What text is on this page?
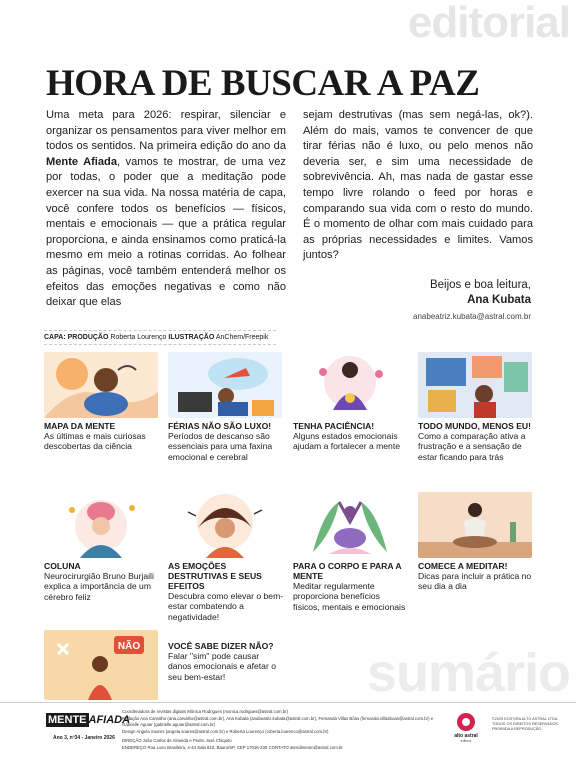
editorial
HORA DE BUSCAR A PAZ
Uma meta para 2026: respirar, silenciar e organizar os pensamentos para viver melhor em todos os sentidos. Na primeira edição do ano da Mente Afiada, vamos te mostrar, de uma vez por todas, o poder que a meditação pode exercer na sua vida. Na nossa matéria de capa, você confere todos os benefícios — físicos, mentais e emocionais — que a prática regular proporciona, e ainda ensinamos como praticá-la mesmo em meio a rotinas corridas. Ao folhear as páginas, você também entenderá melhor os efeitos das emoções negativas e como não deixar que elas
sejam destrutivas (mas sem negá-las, ok?). Além do mais, vamos te convencer de que tirar férias não é luxo, ou pelo menos não deveria ser, e sim uma necessidade de sobrevivência. Ah, mas nada de gastar esse tempo livre rolando o feed por horas e comparando sua vida com o resto do mundo. É o momento de olhar com mais cuidado para as próprias necessidades e limites. Vamos juntos?
Beijos e boa leitura,
Ana Kubata
anabeatriz.kubata@astral.com.br
CAPA: PRODUÇÃO Roberta Lourenço ILUSTRAÇÃO AnChem/Freepik
MAPA DA MENTE
As últimas e mais curiosas descobertas da ciência
FÉRIAS NÃO SÃO LUXO!
Períodos de descanso são essenciais para uma faxina emocional e cerebral
TENHA PACIÊNCIA!
Alguns estados emocionais ajudam a fortalecer a mente
TODO MUNDO, MENOS EU!
Como a comparação ativa a frustração e a sensação de estar ficando para trás
COLUNA
Neurocirurgião Bruno Burjaili explica a importância de um cérebro feliz
AS EMOÇÕES DESTRUTIVAS E SEUS EFEITOS
Descubra como elevar o bem-estar combatendo a negatividade!
PARA O CORPO E PARA A MENTE
Meditar regularmente proporciona benefícios físicos, mentais e emocionais
COMECE A MEDITAR!
Dicas para incluir a prática no seu dia a dia
NÃO	VOCÊ SABE DIZER NÃO?
Falar "sim" pode causar danos emocionais e afetar o seu bem-estar!	sumário
MENTE AFIADA
Ano 3, nº34 - Janeiro 2026
Coordenadora de revistas digitais Mônica Rodrigues (monica.rodrigues@astral.com.br)
Redação Ana Carvalho (ana.carvalho@astral.com.br), Ana Kubata (anabeatriz.kubata@astral.com.br), Fernanda Villas Bôas (fernanda.villasboas@astral.com.br) e Gabrielle Aguiar (gabrielle.aguiar@astral.com.br)
Design Angela Soares (angela.soares@astral.com.br) e Roberta Lourenço (roberta.lourenco@astral.com.br)
DIREÇÃO João Carlos de Almeida e Pedro José Chiquito
ENDEREÇO Rua Luso Brasileira, 4-44 Sala 810, Bauru/SP, CEP 17016-230 CONTATO atendimento@astral.com.br
alto astral
editora
©2025 EDITORA ALTO ASTRAL LTDA. TODOS OS DIREITOS RESERVADOS. PROIBIDA A REPRODUÇÃO.
